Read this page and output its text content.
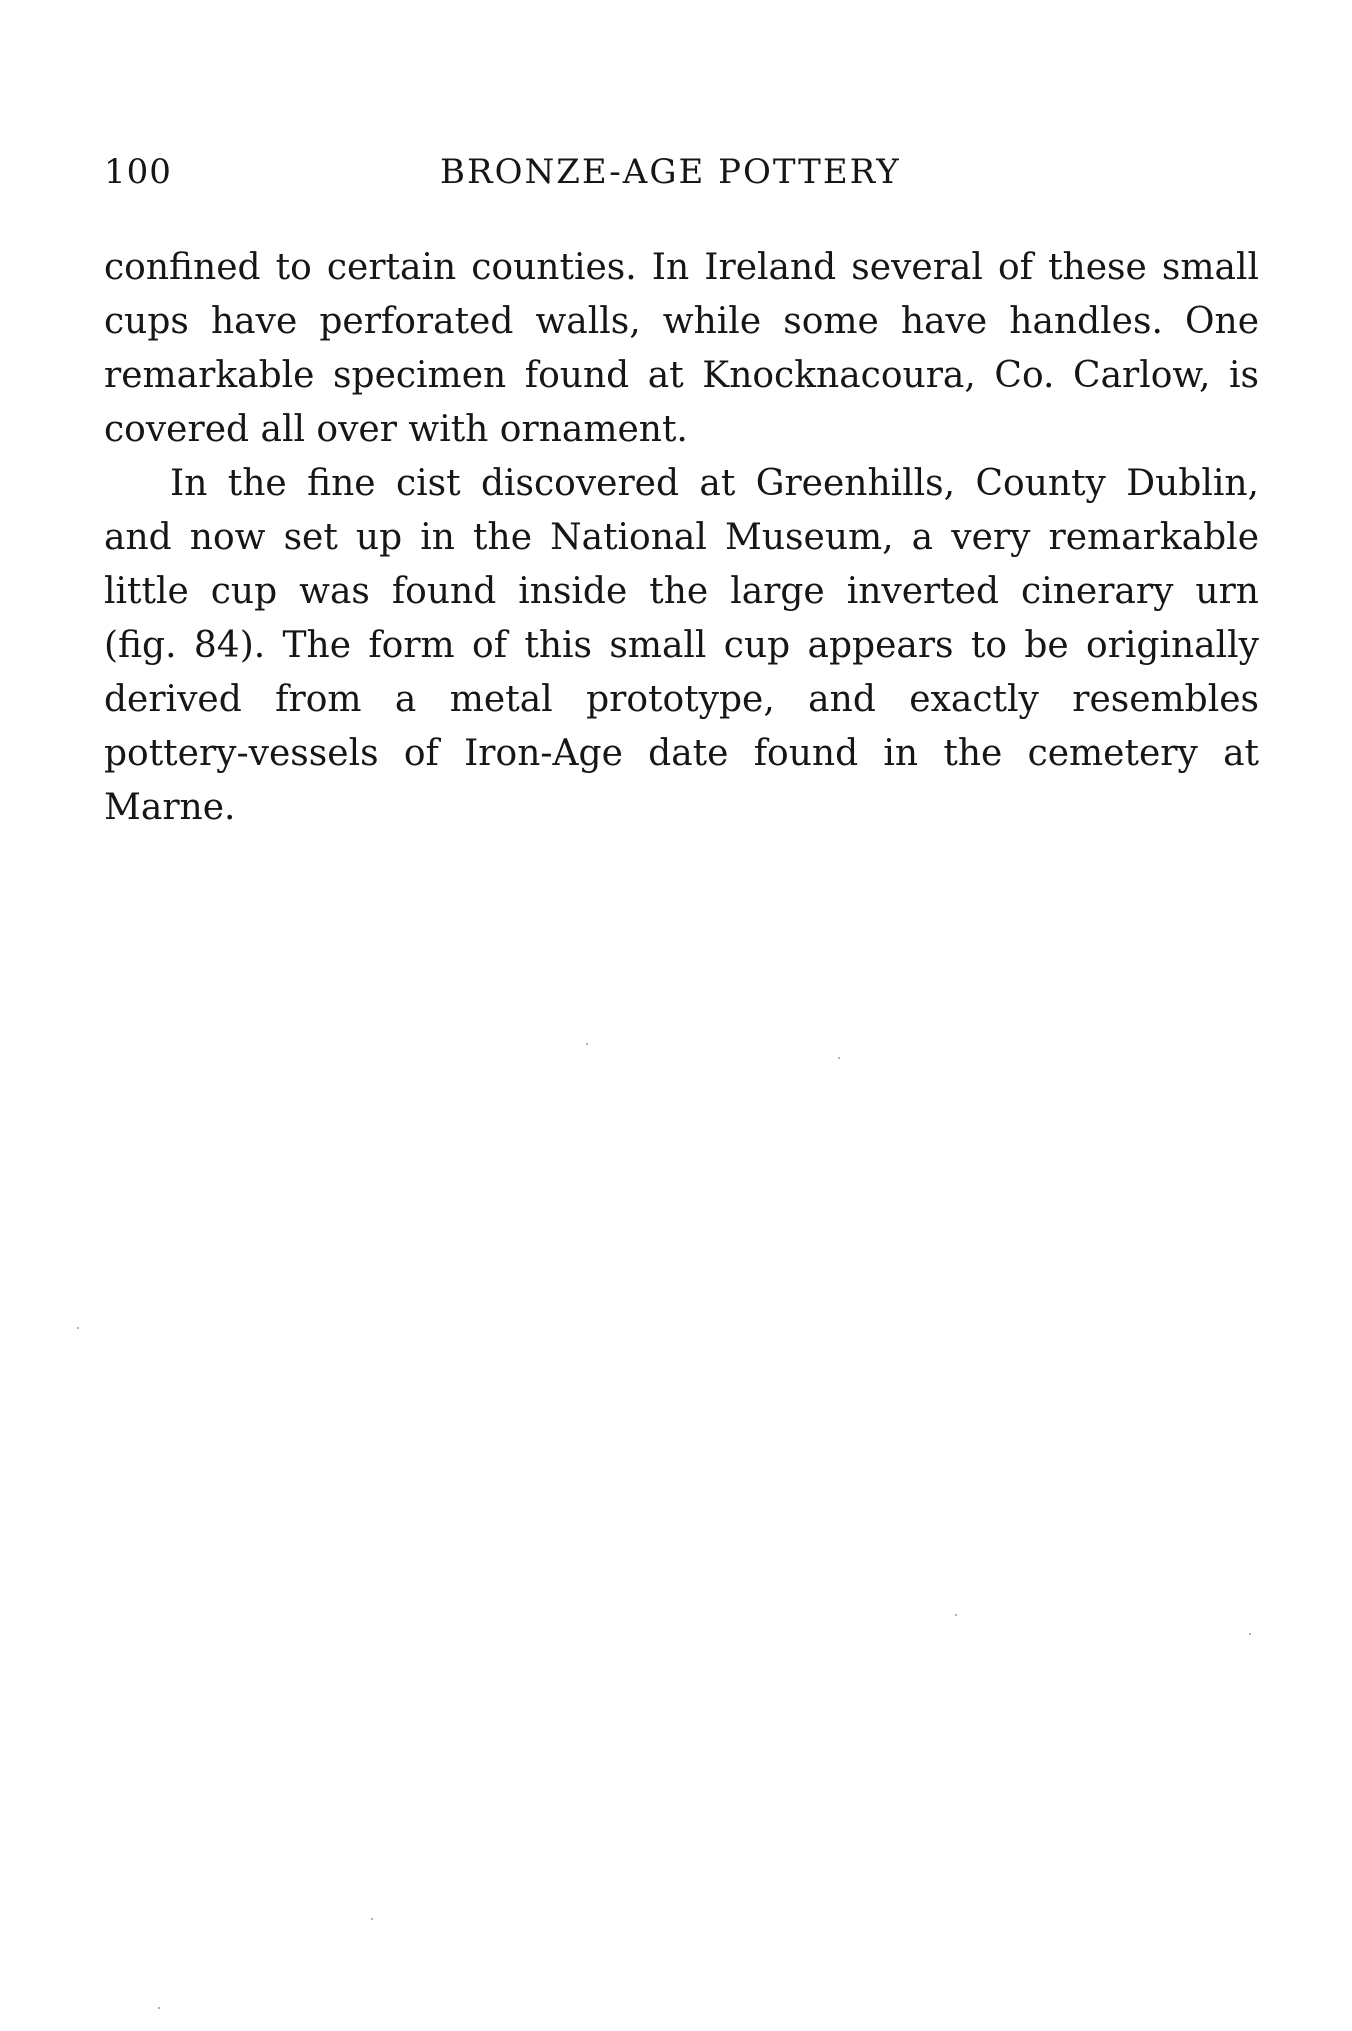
100	BRONZE-AGE POTTERY
confined to certain counties. In Ireland several of these small
cups have perforated walls, while some have handles. One
remarkable specimen found at Knocknacoura, Co. Carlow, is
covered all over with ornament.
In the fine cist discovered at Greenhills, County Dublin,
and now set up in the National Museum, a very remarkable
little cup was found inside the large inverted cinerary urn
(fig. 84). The form of this small cup appears to be originally
derived from a metal prototype, and exactly resembles
pottery-vessels of Iron-Age date found in the cemetery at
Marne.
